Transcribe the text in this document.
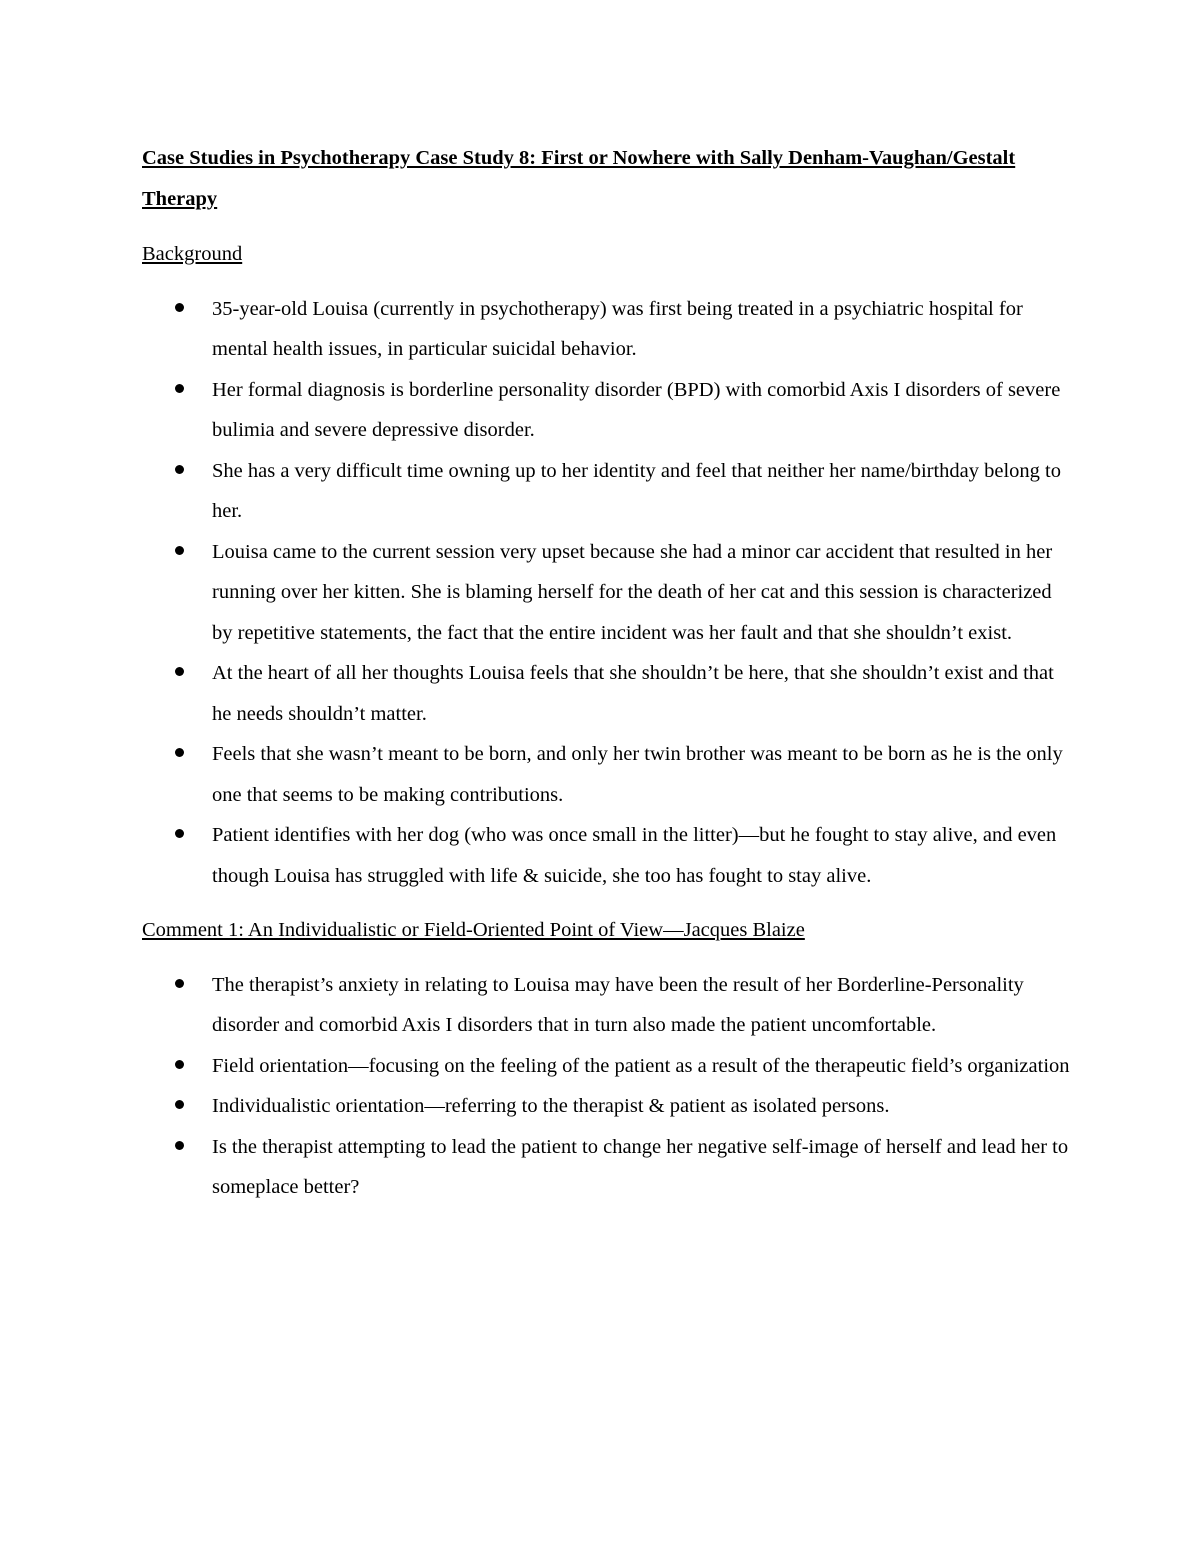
Case Studies in Psychotherapy Case Study 8: First or Nowhere with Sally Denham-Vaughan/Gestalt Therapy
Background
35-year-old Louisa (currently in psychotherapy) was first being treated in a psychiatric hospital for mental health issues, in particular suicidal behavior.
Her formal diagnosis is borderline personality disorder (BPD) with comorbid Axis I disorders of severe bulimia and severe depressive disorder.
She has a very difficult time owning up to her identity and feel that neither her name/birthday belong to her.
Louisa came to the current session very upset because she had a minor car accident that resulted in her running over her kitten. She is blaming herself for the death of her cat and this session is characterized by repetitive statements, the fact that the entire incident was her fault and that she shouldn’t exist.
At the heart of all her thoughts Louisa feels that she shouldn’t be here, that she shouldn’t exist and that he needs shouldn’t matter.
Feels that she wasn’t meant to be born, and only her twin brother was meant to be born as he is the only one that seems to be making contributions.
Patient identifies with her dog (who was once small in the litter)—but he fought to stay alive, and even though Louisa has struggled with life & suicide, she too has fought to stay alive.
Comment 1: An Individualistic or Field-Oriented Point of View—Jacques Blaize
The therapist’s anxiety in relating to Louisa may have been the result of her Borderline-Personality disorder and comorbid Axis I disorders that in turn also made the patient uncomfortable.
Field orientation—focusing on the feeling of the patient as a result of the therapeutic field’s organization
Individualistic orientation—referring to the therapist & patient as isolated persons.
Is the therapist attempting to lead the patient to change her negative self-image of herself and lead her to someplace better?
